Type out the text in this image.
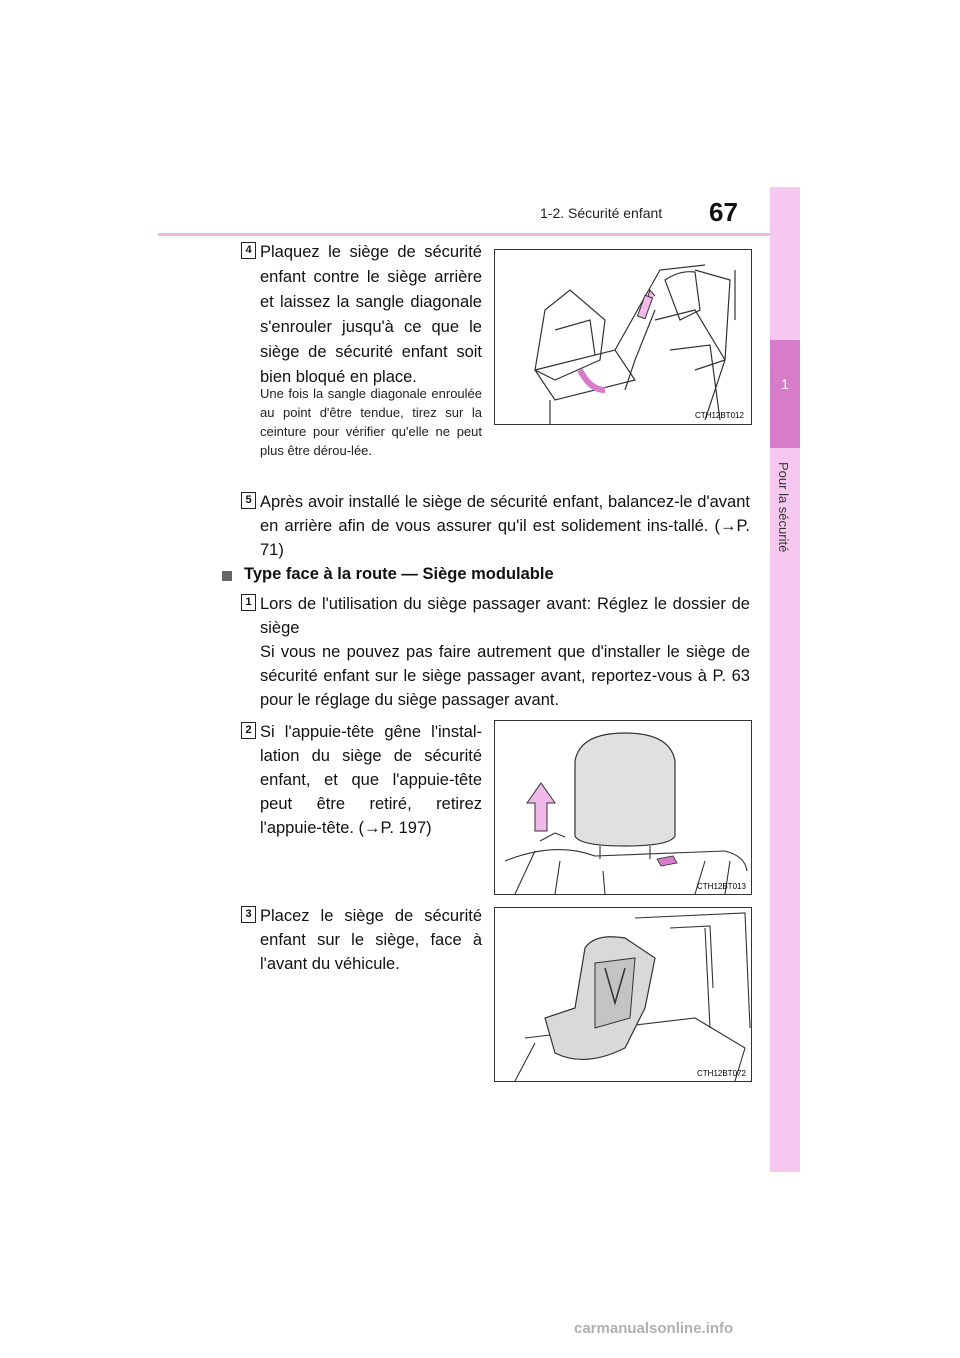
1-2. Sécurité enfant 67
1
Pour la sécurité
4 Plaquez le siège de sécurité enfant contre le siège arrière et laissez la sangle diagonale s'enrouler jusqu'à ce que le siège de sécurité enfant soit bien bloqué en place.
Une fois la sangle diagonale enroulée au point d'être tendue, tirez sur la ceinture pour vérifier qu'elle ne peut plus être dérou-lée.
CTH12BT012
5 Après avoir installé le siège de sécurité enfant, balancez-le d'avant en arrière afin de vous assurer qu'il est solidement ins-tallé. (→P. 71)
Type face à la route — Siège modulable
1 Lors de l'utilisation du siège passager avant: Réglez le dossier de siège
Si vous ne pouvez pas faire autrement que d'installer le siège de sécurité enfant sur le siège passager avant, reportez-vous à P. 63 pour le réglage du siège passager avant.
2 Si l'appuie-tête gêne l'instal-lation du siège de sécurité enfant, et que l'appuie-tête peut être retiré, retirez l'appuie-tête. (→P. 197)
CTH12BT013
3 Placez le siège de sécurité enfant sur le siège, face à l'avant du véhicule.
CTH12BT072
carmanualsonline.info
